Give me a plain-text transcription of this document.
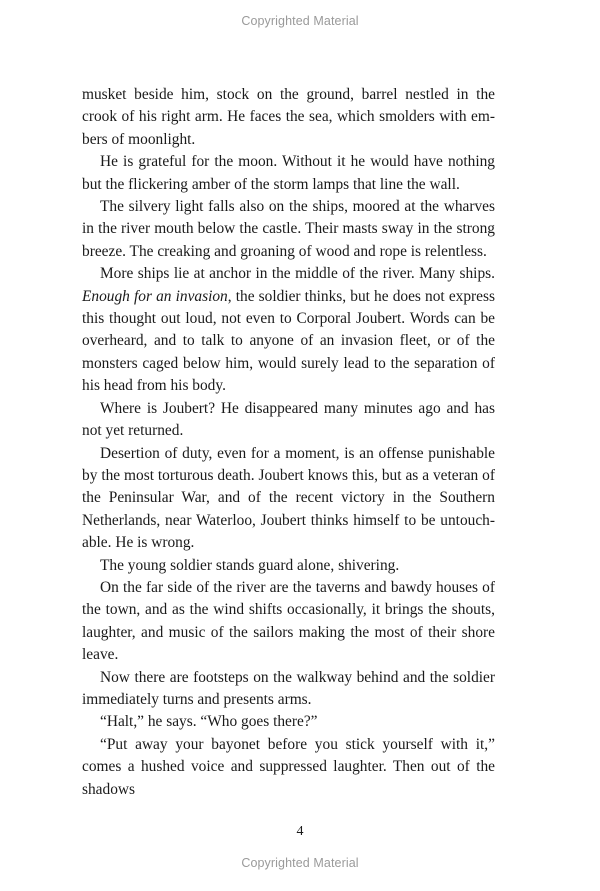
Copyrighted Material

musket beside him, stock on the ground, barrel nestled in the crook of his right arm. He faces the sea, which smolders with embers of moonlight.

He is grateful for the moon. Without it he would have nothing but the flickering amber of the storm lamps that line the wall.

The silvery light falls also on the ships, moored at the wharves in the river mouth below the castle. Their masts sway in the strong breeze. The creaking and groaning of wood and rope is relentless.

More ships lie at anchor in the middle of the river. Many ships. Enough for an invasion, the soldier thinks, but he does not express this thought out loud, not even to Corporal Joubert. Words can be overheard, and to talk to anyone of an invasion fleet, or of the monsters caged below him, would surely lead to the separation of his head from his body.

Where is Joubert? He disappeared many minutes ago and has not yet returned.

Desertion of duty, even for a moment, is an offense punishable by the most torturous death. Joubert knows this, but as a veteran of the Peninsular War, and of the recent victory in the Southern Netherlands, near Waterloo, Joubert thinks himself to be untouchable. He is wrong.

The young soldier stands guard alone, shivering.

On the far side of the river are the taverns and bawdy houses of the town, and as the wind shifts occasionally, it brings the shouts, laughter, and music of the sailors making the most of their shore leave.

Now there are footsteps on the walkway behind and the soldier immediately turns and presents arms.

“Halt,” he says. “Who goes there?”

“Put away your bayonet before you stick yourself with it,” comes a hushed voice and suppressed laughter. Then out of the shadows

4
Copyrighted Material
